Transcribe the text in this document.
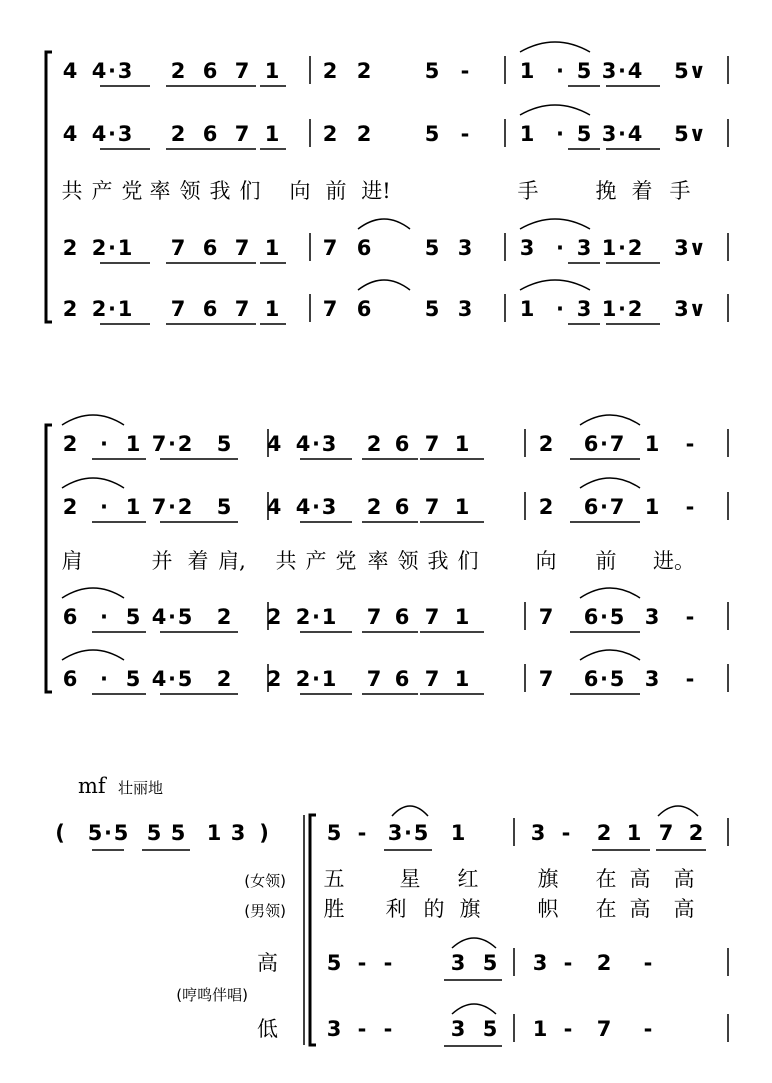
4 4 · 3 2 6 7 1 2 2	5 - 1 · 5 3 · 4 5∨
4 4 · 3 2 6 7 1 2 2	5 - 1 · 5 3 · 4 5∨
共 产 党 率 领 我 们 向 前 进!	手	挽 着 手
2 2 · 1 7 6 7 1 7 6	5 3 3 · 3 1 · 2 3∨
2 2 · 1 7 6 7 1 7 6	5 3 1 · 3 1 · 2 3∨
2 · 1 7 · 2 5 4 4 · 3 2 6 7 1	2 6 · 7 1 -
2 · 1 7 · 2 5 4 4 · 3 2 6 7 1	2 6 · 7 1 -
肩	并 着 肩, 共 产 党 率 领 我 们	向 前 进。
6 · 5 4 · 5 2 2 2 · 1 7 6 7 1	7 6 · 5 3 -
6 · 5 4 · 5 2 2 2 · 1 7 6 7 1	7 6 · 5 3 -
mf 壮丽地
( 5 · 5 5 5 1 3 )	5 - 3 · 5 1	3 - 2 1 7 2
(女领)
(男领)
五	星 红	旗 在 高 高
胜 利 的 旗	帜 在 高 高
高 5 - -	3 5 3 - 2 -
(哼鸣伴唱)
低 3 - -	3 5 1 - 7 -
